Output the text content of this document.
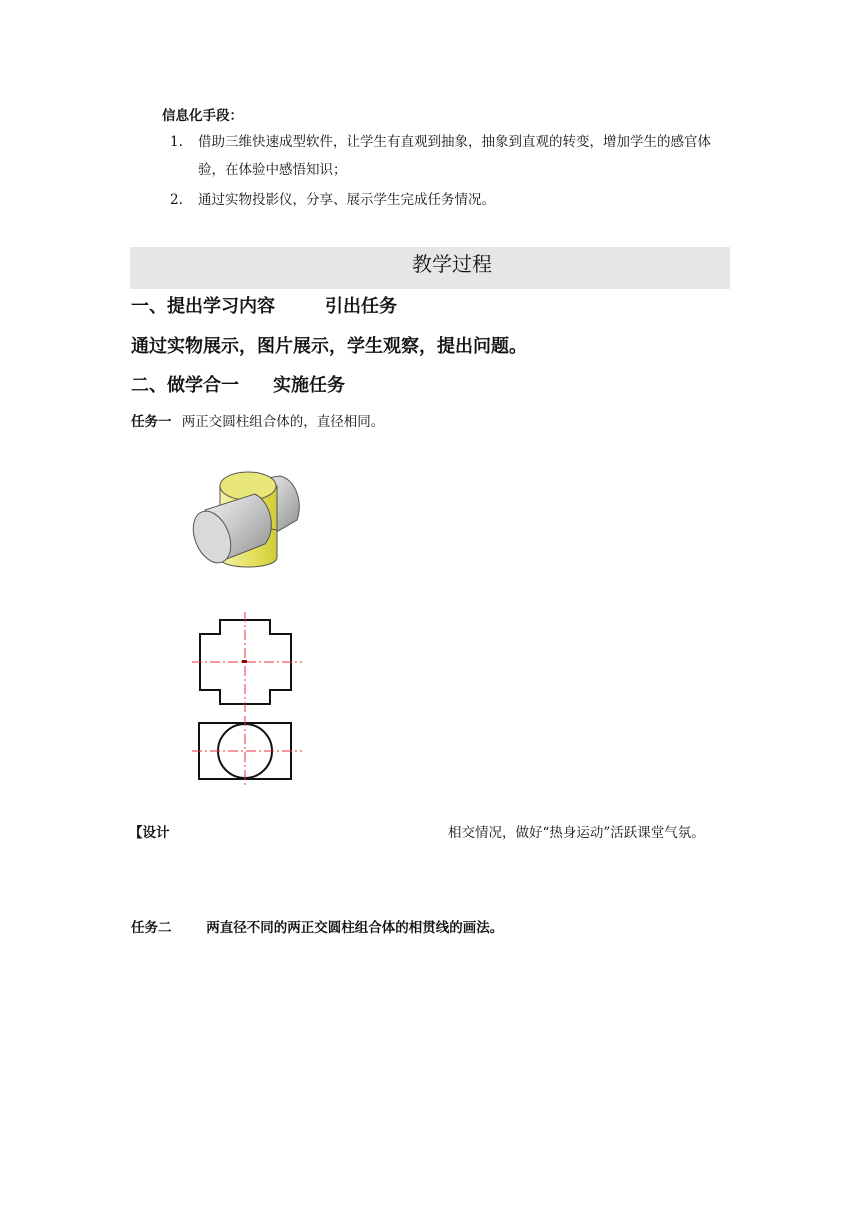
信息化手段：
1. 借助三维快速成型软件，让学生有直观到抽象，抽象到直观的转变，增加学生的感官体验，在体验中感悟知识；
2. 通过实物投影仪，分享、展示学生完成任务情况。
教学过程
一、提出学习内容	引出任务
通过实物展示，图片展示，学生观察，提出问题。
二、做学合一 实施任务
任务一 两正交圆柱组合体的，直径相同。
【设计	相交情况，做好“热身运动”活跃课堂气氛。
任务二	两直径不同的两正交圆柱组合体的相贯线的画法。
